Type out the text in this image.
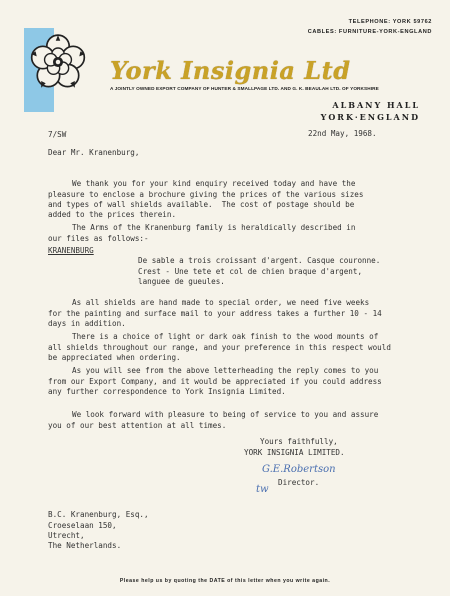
TELEPHONE: YORK 59762
CABLES: FURNITURE-YORK-ENGLAND
York Insignia Ltd
A JOINTLY OWNED EXPORT COMPANY OF HUNTER & SMALLPAGE LTD. AND G. K. BEAULAH LTD. OF YORKSHIRE
ALBANY HALL
YORK·ENGLAND
22nd May, 1968.
7/SW
Dear Mr. Kranenburg,

We thank you for your kind enquiry received today and have the
pleasure to enclose a brochure giving the prices of the various sizes
and types of wall shields available.  The cost of postage should be
added to the prices therein.

The Arms of the Kranenburg family is heraldically described in
our files as follows:-
KRANENBURG

De sable a trois croissant d'argent. Casque couronne.
Crest - Une tete et col de chien braque d'argent,
languee de gueules.

As all shields are hand made to special order, we need five weeks
for the painting and surface mail to your address takes a further 10 - 14
days in addition.

There is a choice of light or dark oak finish to the wood mounts of
all shields throughout our range, and your preference in this respect would
be appreciated when ordering.

As you will see from the above letterheading the reply comes to you
from our Export Company, and it would be appreciated if you could address
any further correspondence to York Insignia Limited.

We look forward with pleasure to being of service to you and assure
you of our best attention at all times.
Yours faithfully,
YORK INSIGNIA LIMITED.
G.E.Robertson
tw
Director.

B.C. Kranenburg, Esq.,
Croeselaan 150,
Utrecht,
The Netherlands.
Please help us by quoting the DATE of this letter when you write again.
